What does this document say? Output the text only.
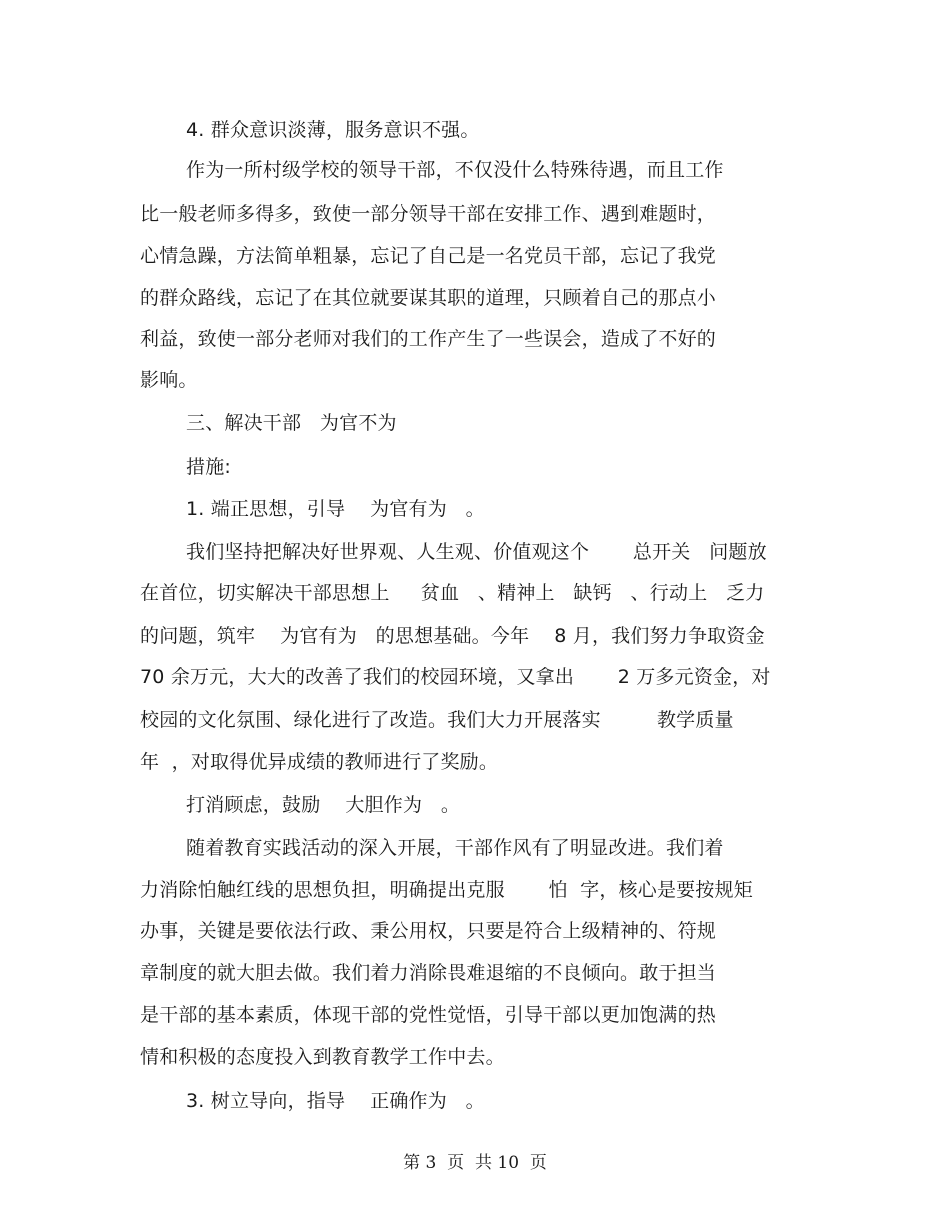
4. 群众意识淡薄，服务意识不强。
作为一所村级学校的领导干部，不仅没什么特殊待遇，而且工作
比一般老师多得多，致使一部分领导干部在安排工作、遇到难题时，
心情急躁，方法简单粗暴，忘记了自己是一名党员干部，忘记了我党
的群众路线，忘记了在其位就要谋其职的道理，只顾着自己的那点小
利益，致使一部分老师对我们的工作产生了一些误会，造成了不好的
影响。
三、解决干部   为官不为
措施:
1. 端正思想，引导    为官有为   。
我们坚持把解决好世界观、人生观、价值观这个       总开关   问题放
在首位，切实解决干部思想上     贫血   、精神上   缺钙   、行动上   乏力
的问题，筑牢    为官有为   的思想基础。今年    8 月，我们努力争取资金
70 余万元，大大的改善了我们的校园环境，又拿出       2 万多元资金，对
校园的文化氛围、绿化进行了改造。我们大力开展落实         教学质量
年  ，对取得优异成绩的教师进行了奖励。
打消顾虑，鼓励    大胆作为   。
随着教育实践活动的深入开展，干部作风有了明显改进。我们着
力消除怕触红线的思想负担，明确提出克服       怕  字，核心是要按规矩
办事，关键是要依法行政、秉公用权，只要是符合上级精神的、符规
章制度的就大胆去做。我们着力消除畏难退缩的不良倾向。敢于担当
是干部的基本素质，体现干部的党性觉悟，引导干部以更加饱满的热
情和积极的态度投入到教育教学工作中去。
3. 树立导向，指导    正确作为   。
第 3  页  共 10  页
